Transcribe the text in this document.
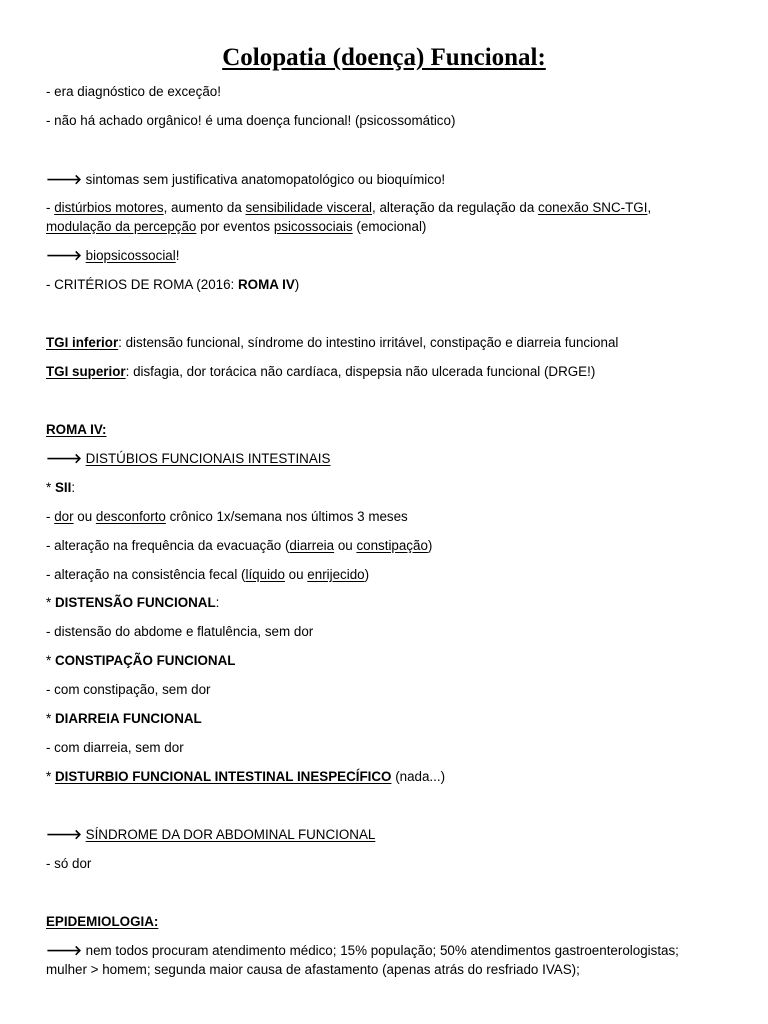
Colopatia (doença) Funcional:
- era diagnóstico de exceção!
- não há achado orgânico! é uma doença funcional! (psicossomático)
🡒 sintomas sem justificativa anatomopatológico ou bioquímico!
- distúrbios motores, aumento da sensibilidade visceral, alteração da regulação da conexão SNC-TGI,
modulação da percepção por eventos psicossociais (emocional)
🡒 biopsicossocial!
- CRITÉRIOS DE ROMA (2016: ROMA IV)
TGI inferior: distensão funcional, síndrome do intestino irritável, constipação e diarreia funcional
TGI superior: disfagia, dor torácica não cardíaca, dispepsia não ulcerada funcional (DRGE!)
ROMA IV:
🡒 DISTÚBIOS FUNCIONAIS INTESTINAIS
* SII:
- dor ou desconforto crônico 1x/semana nos últimos 3 meses
- alteração na frequência da evacuação (diarreia ou constipação)
- alteração na consistência fecal (líquido ou enrijecido)
* DISTENSÃO FUNCIONAL:
- distensão do abdome e flatulência, sem dor
* CONSTIPAÇÃO FUNCIONAL
- com constipação, sem dor
* DIARREIA FUNCIONAL
- com diarreia, sem dor
* DISTURBIO FUNCIONAL INTESTINAL INESPECÍFICO (nada...)
🡒 SÍNDROME DA DOR ABDOMINAL FUNCIONAL
- só dor
EPIDEMIOLOGIA:
🡒 nem todos procuram atendimento médico; 15% população; 50% atendimentos gastroenterologistas;
mulher > homem; segunda maior causa de afastamento (apenas atrás do resfriado IVAS);
